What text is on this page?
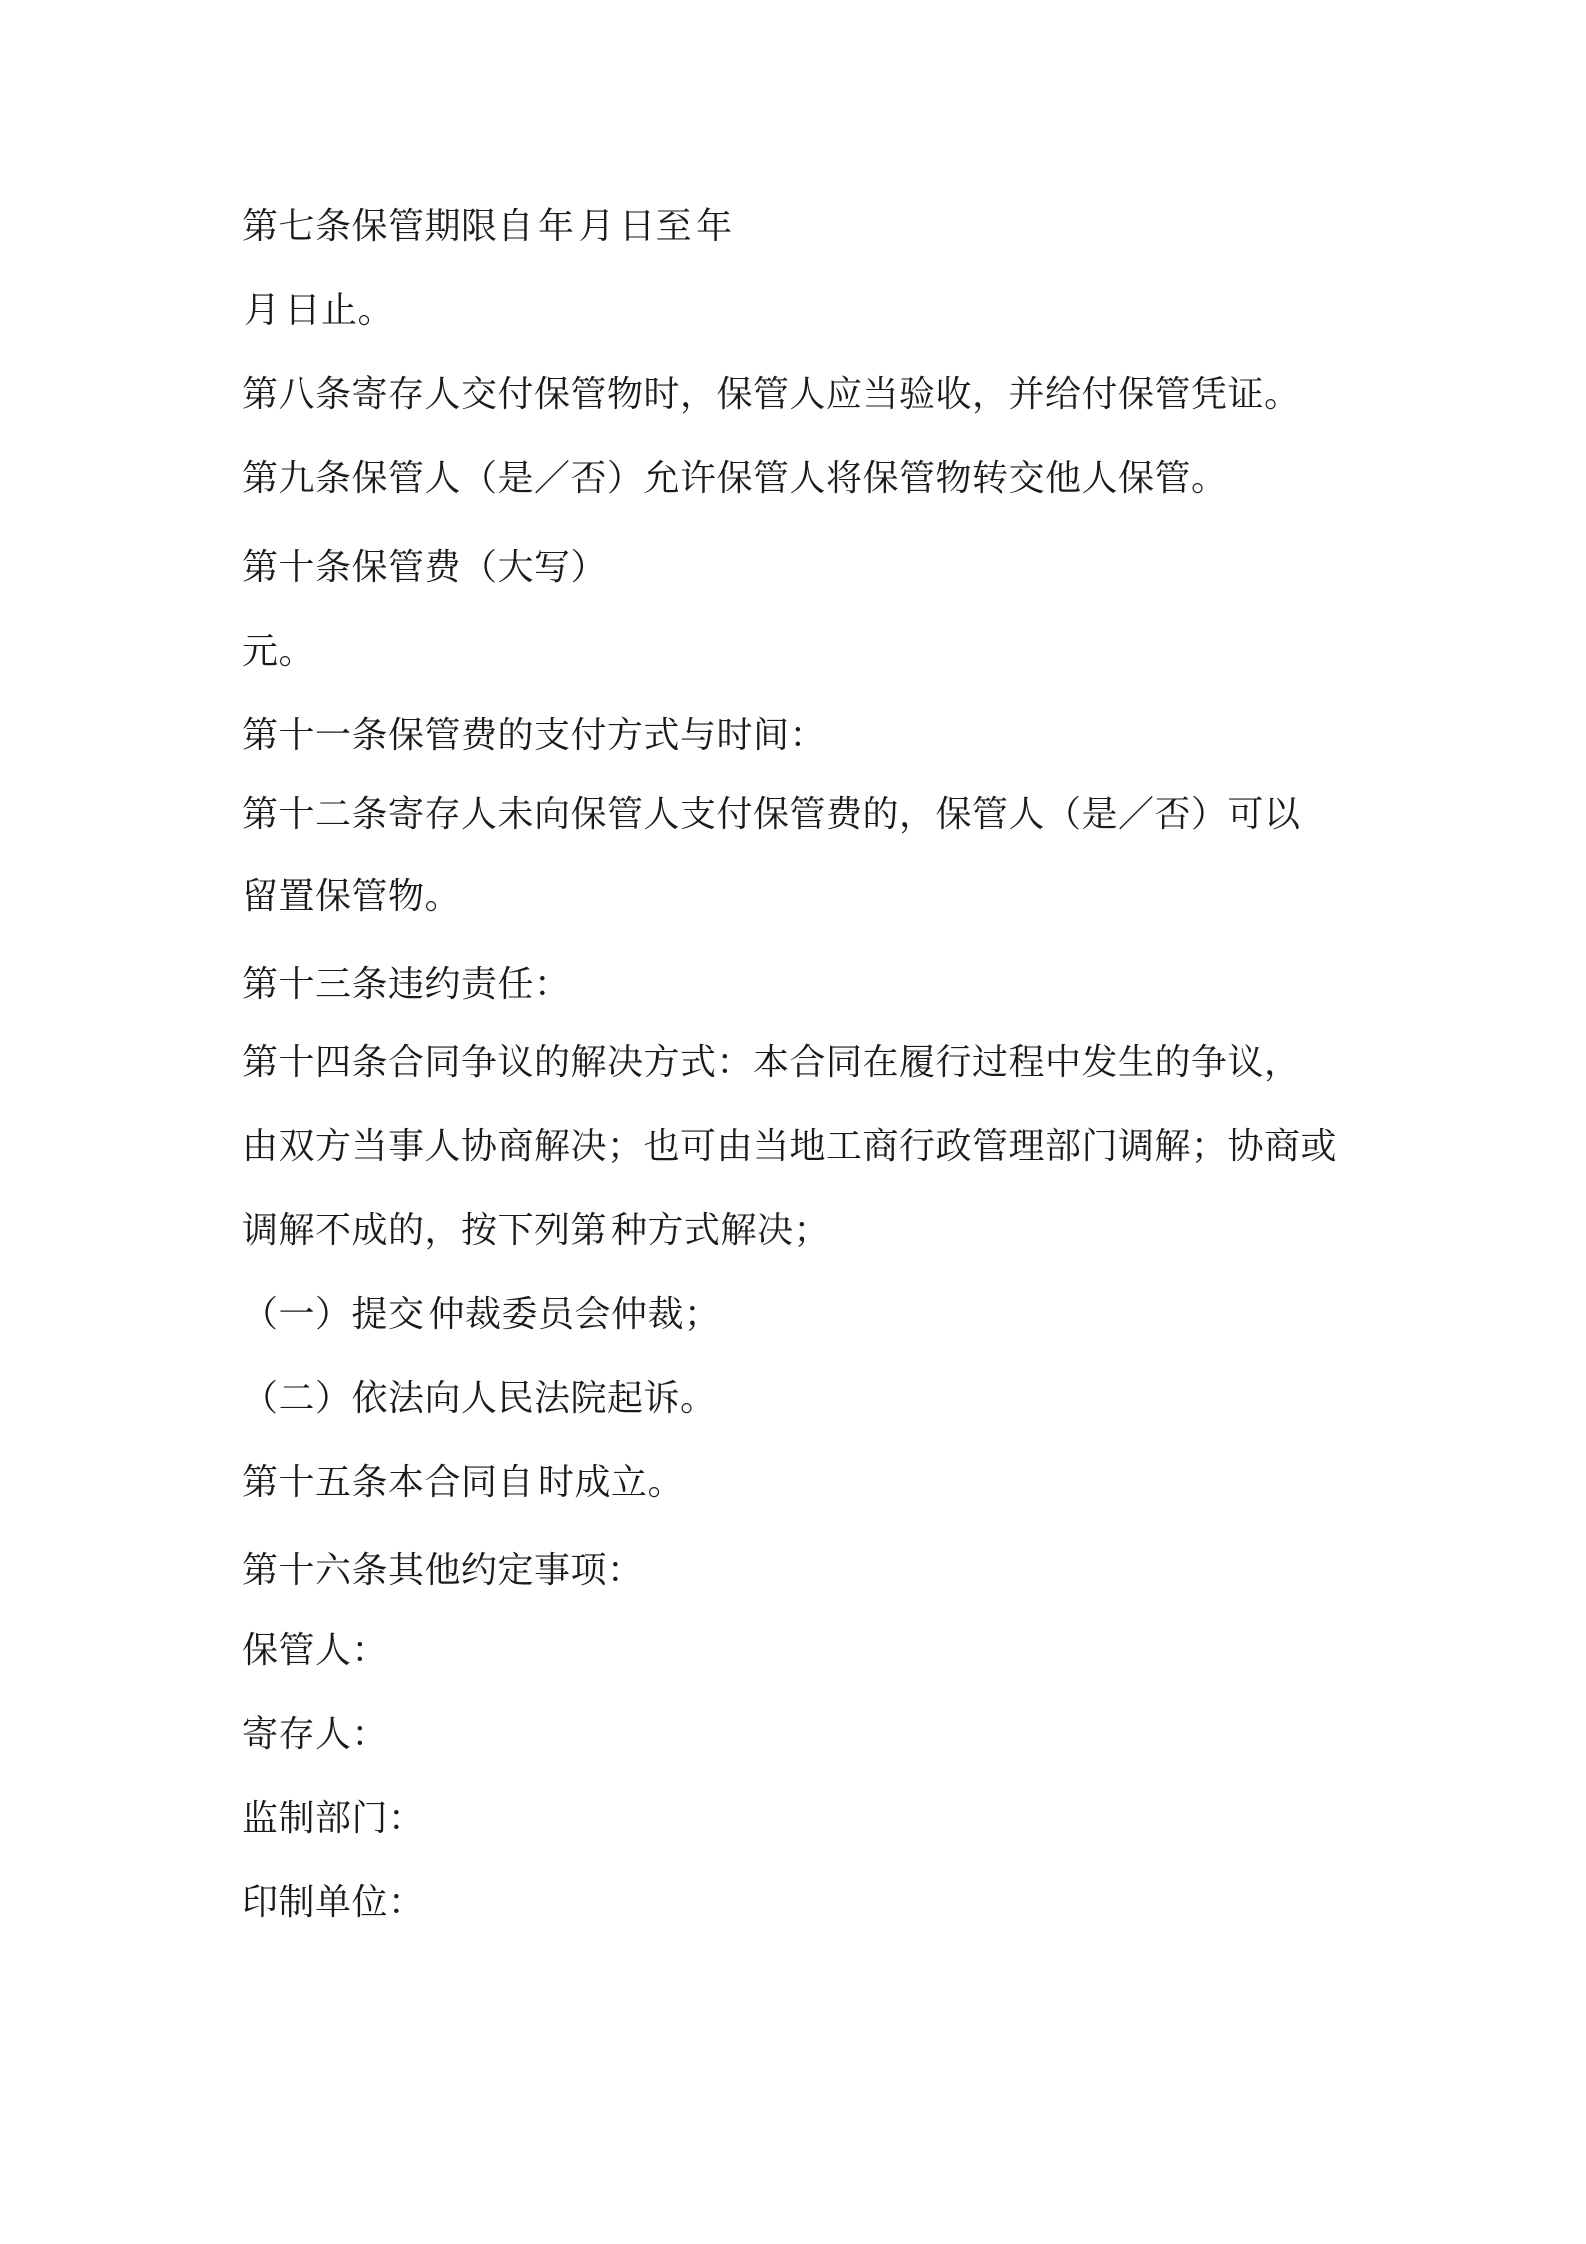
第七条保管期限自 年 月 日至 年
月 日止。
第八条寄存人交付保管物时，保管人应当验收，并给付保管凭证。
第九条保管人（是／否）允许保管人将保管物转交他人保管。
第十条保管费（大写）
元。
第十一条保管费的支付方式与时间：
第十二条寄存人未向保管人支付保管费的，保管人（是／否）可以
留置保管物。
第十三条违约责任：
第十四条合同争议的解决方式：本合同在履行过程中发生的争议，
由双方当事人协商解决；也可由当地工商行政管理部门调解；协商或
调解不成的，按下列第 种方式解决；
（一）提交 仲裁委员会仲裁；
（二）依法向人民法院起诉。
第十五条本合同自 时成立。
第十六条其他约定事项：
保管人：
寄存人：
监制部门：
印制单位：
